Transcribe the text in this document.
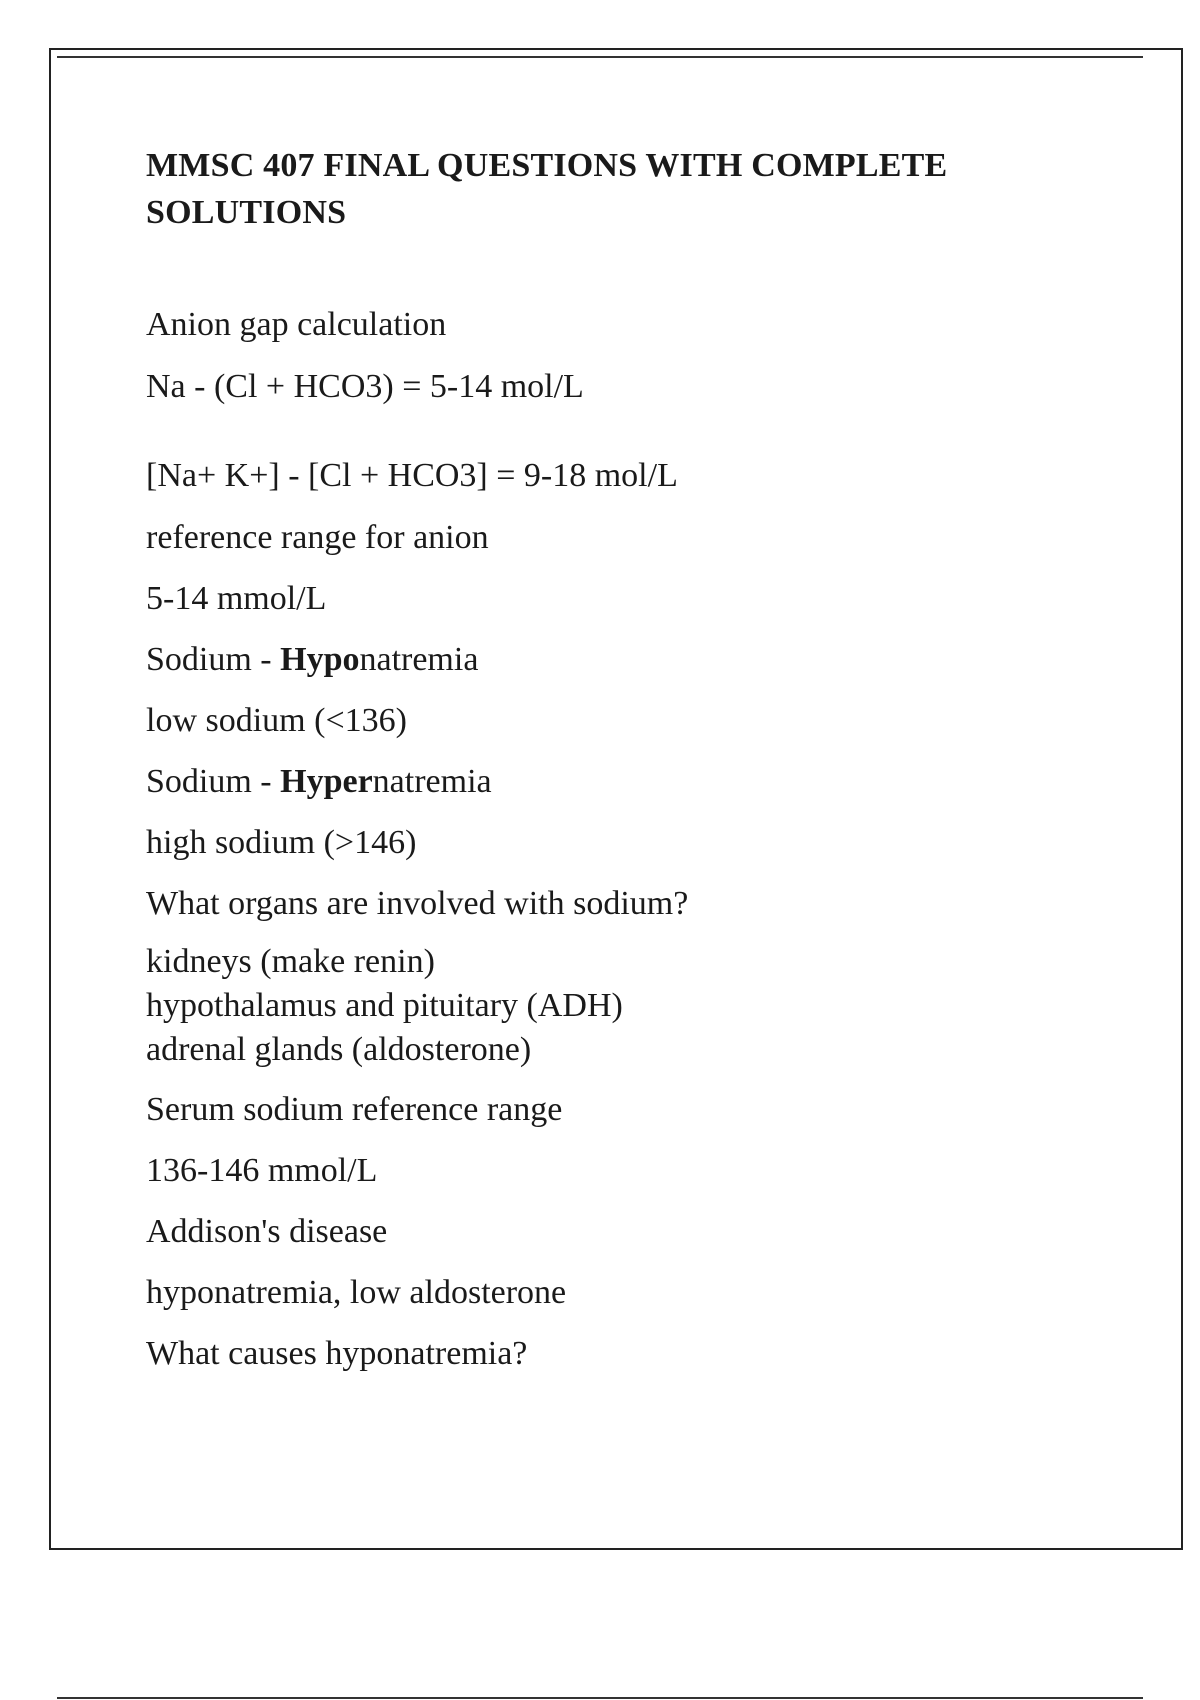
MMSC 407 FINAL QUESTIONS WITH COMPLETE SOLUTIONS
Anion gap calculation
Na - (Cl + HCO3) = 5-14 mol/L
[Na+ K+] - [Cl + HCO3] = 9-18 mol/L
reference range for anion
5-14 mmol/L
Sodium - Hyponatremia
low sodium (<136)
Sodium - Hypernatremia
high sodium (>146)
What organs are involved with sodium?
kidneys (make renin)
hypothalamus and pituitary (ADH)
adrenal glands (aldosterone)
Serum sodium reference range
136-146 mmol/L
Addison's disease
hyponatremia, low aldosterone
What causes hyponatremia?
